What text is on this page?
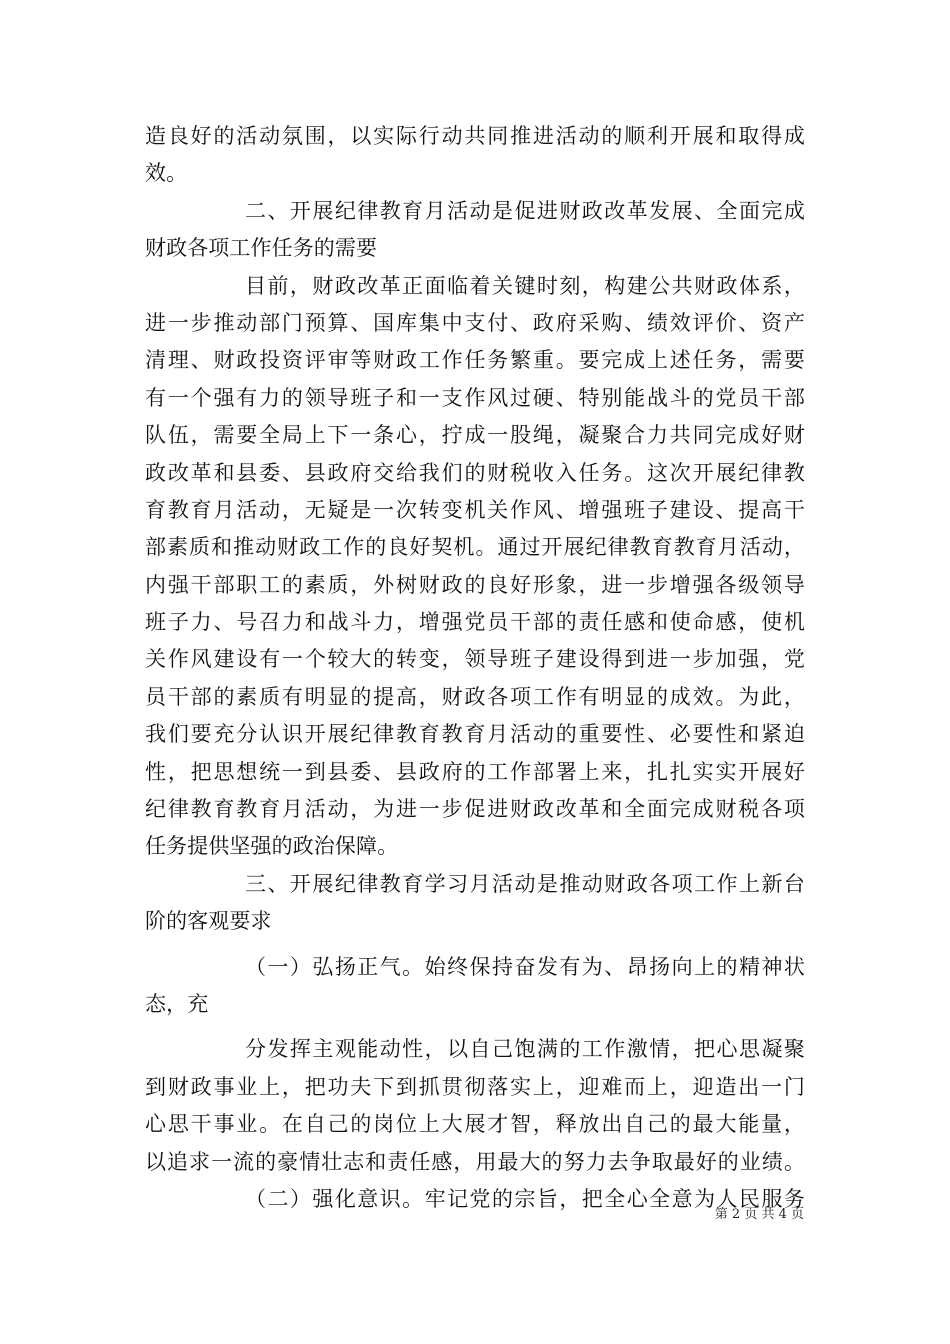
造良好的活动氛围，以实际行动共同推进活动的顺利开展和取得成
效。
二、开展纪律教育月活动是促进财政改革发展、全面完成
财政各项工作任务的需要
目前，财政改革正面临着关键时刻，构建公共财政体系，
进一步推动部门预算、国库集中支付、政府采购、绩效评价、资产
清理、财政投资评审等财政工作任务繁重。要完成上述任务，需要
有一个强有力的领导班子和一支作风过硬、特别能战斗的党员干部
队伍，需要全局上下一条心，拧成一股绳，凝聚合力共同完成好财
政改革和县委、县政府交给我们的财税收入任务。这次开展纪律教
育教育月活动，无疑是一次转变机关作风、增强班子建设、提高干
部素质和推动财政工作的良好契机。通过开展纪律教育教育月活动，
内强干部职工的素质，外树财政的良好形象，进一步增强各级领导
班子力、号召力和战斗力，增强党员干部的责任感和使命感，使机
关作风建设有一个较大的转变，领导班子建设得到进一步加强，党
员干部的素质有明显的提高，财政各项工作有明显的成效。为此，
我们要充分认识开展纪律教育教育月活动的重要性、必要性和紧迫
性，把思想统一到县委、县政府的工作部署上来，扎扎实实开展好
纪律教育教育月活动，为进一步促进财政改革和全面完成财税各项
任务提供坚强的政治保障。
三、开展纪律教育学习月活动是推动财政各项工作上新台
阶的客观要求
（一）弘扬正气。始终保持奋发有为、昂扬向上的精神状
态，充
分发挥主观能动性，以自己饱满的工作激情，把心思凝聚
到财政事业上，把功夫下到抓贯彻落实上，迎难而上，迎造出一门
心思干事业。在自己的岗位上大展才智，释放出自己的最大能量，
以追求一流的豪情壮志和责任感，用最大的努力去争取最好的业绩。
（二）强化意识。牢记党的宗旨，把全心全意为人民服务
第 2 页 共 4 页
